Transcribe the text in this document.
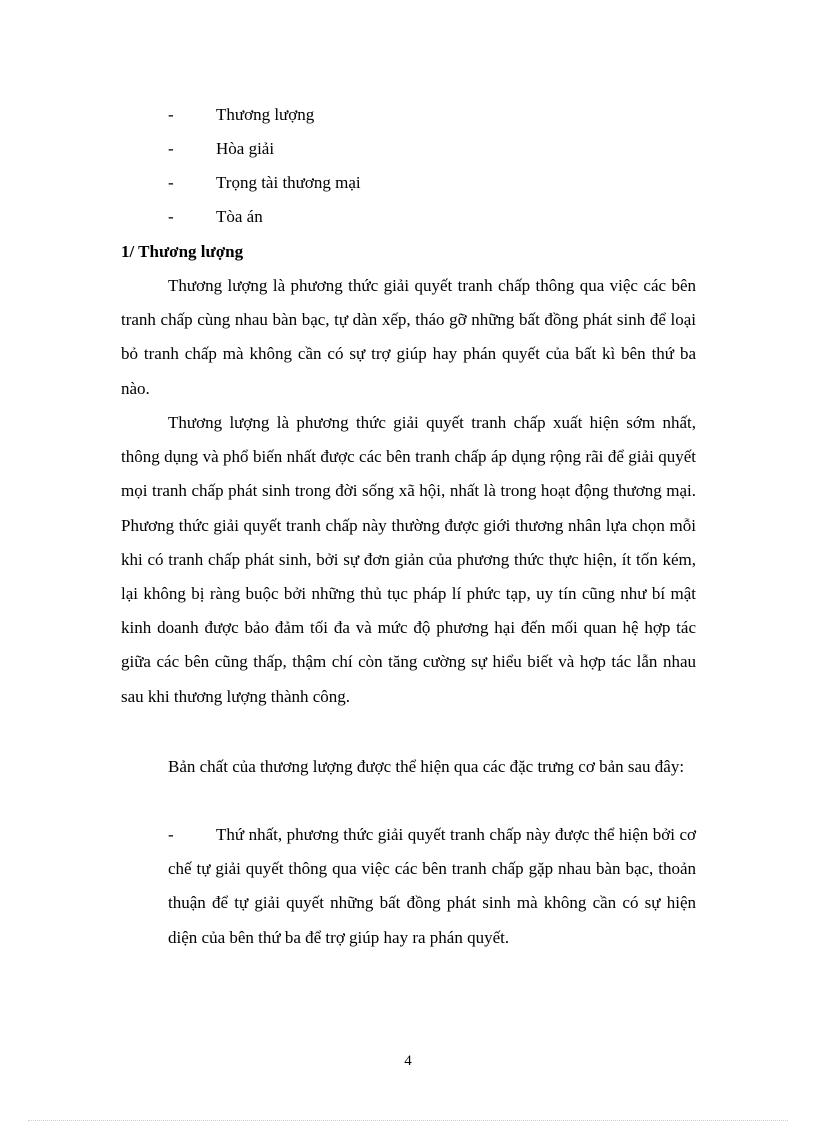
- Thương lượng
- Hòa giải
- Trọng tài thương mại
- Tòa án
1/ Thương lượng

Thương lượng là phương thức giải quyết tranh chấp thông qua việc các bên tranh chấp cùng nhau bàn bạc, tự dàn xếp, tháo gỡ những bất đồng phát sinh để loại bỏ tranh chấp mà không cần có sự trợ giúp hay phán quyết của bất kì bên thứ ba nào.

Thương lượng là phương thức giải quyết tranh chấp xuất hiện sớm nhất, thông dụng và phổ biến nhất được các bên tranh chấp áp dụng rộng rãi để giải quyết mọi tranh chấp phát sinh trong đời sống xã hội, nhất là trong hoạt động thương mại. Phương thức giải quyết tranh chấp này thường được giới thương nhân lựa chọn mỗi khi có tranh chấp phát sinh, bởi sự đơn giản của phương thức thực hiện, ít tốn kém, lại không bị ràng buộc bởi những thủ tục pháp lí phức tạp, uy tín cũng như bí mật kinh doanh được bảo đảm tối đa và mức độ phương hại đến mối quan hệ hợp tác giữa các bên cũng thấp, thậm chí còn tăng cường sự hiểu biết và hợp tác lẫn nhau sau khi thương lượng thành công.

Bản chất của thương lượng được thể hiện qua các đặc trưng cơ bản sau đây:

- Thứ nhất, phương thức giải quyết tranh chấp này được thể hiện bởi cơ chế tự giải quyết thông qua việc các bên tranh chấp gặp nhau bàn bạc, thoản thuận để tự giải quyết những bất đồng phát sinh mà không cần có sự hiện diện của bên thứ ba để trợ giúp hay ra phán quyết.

4
